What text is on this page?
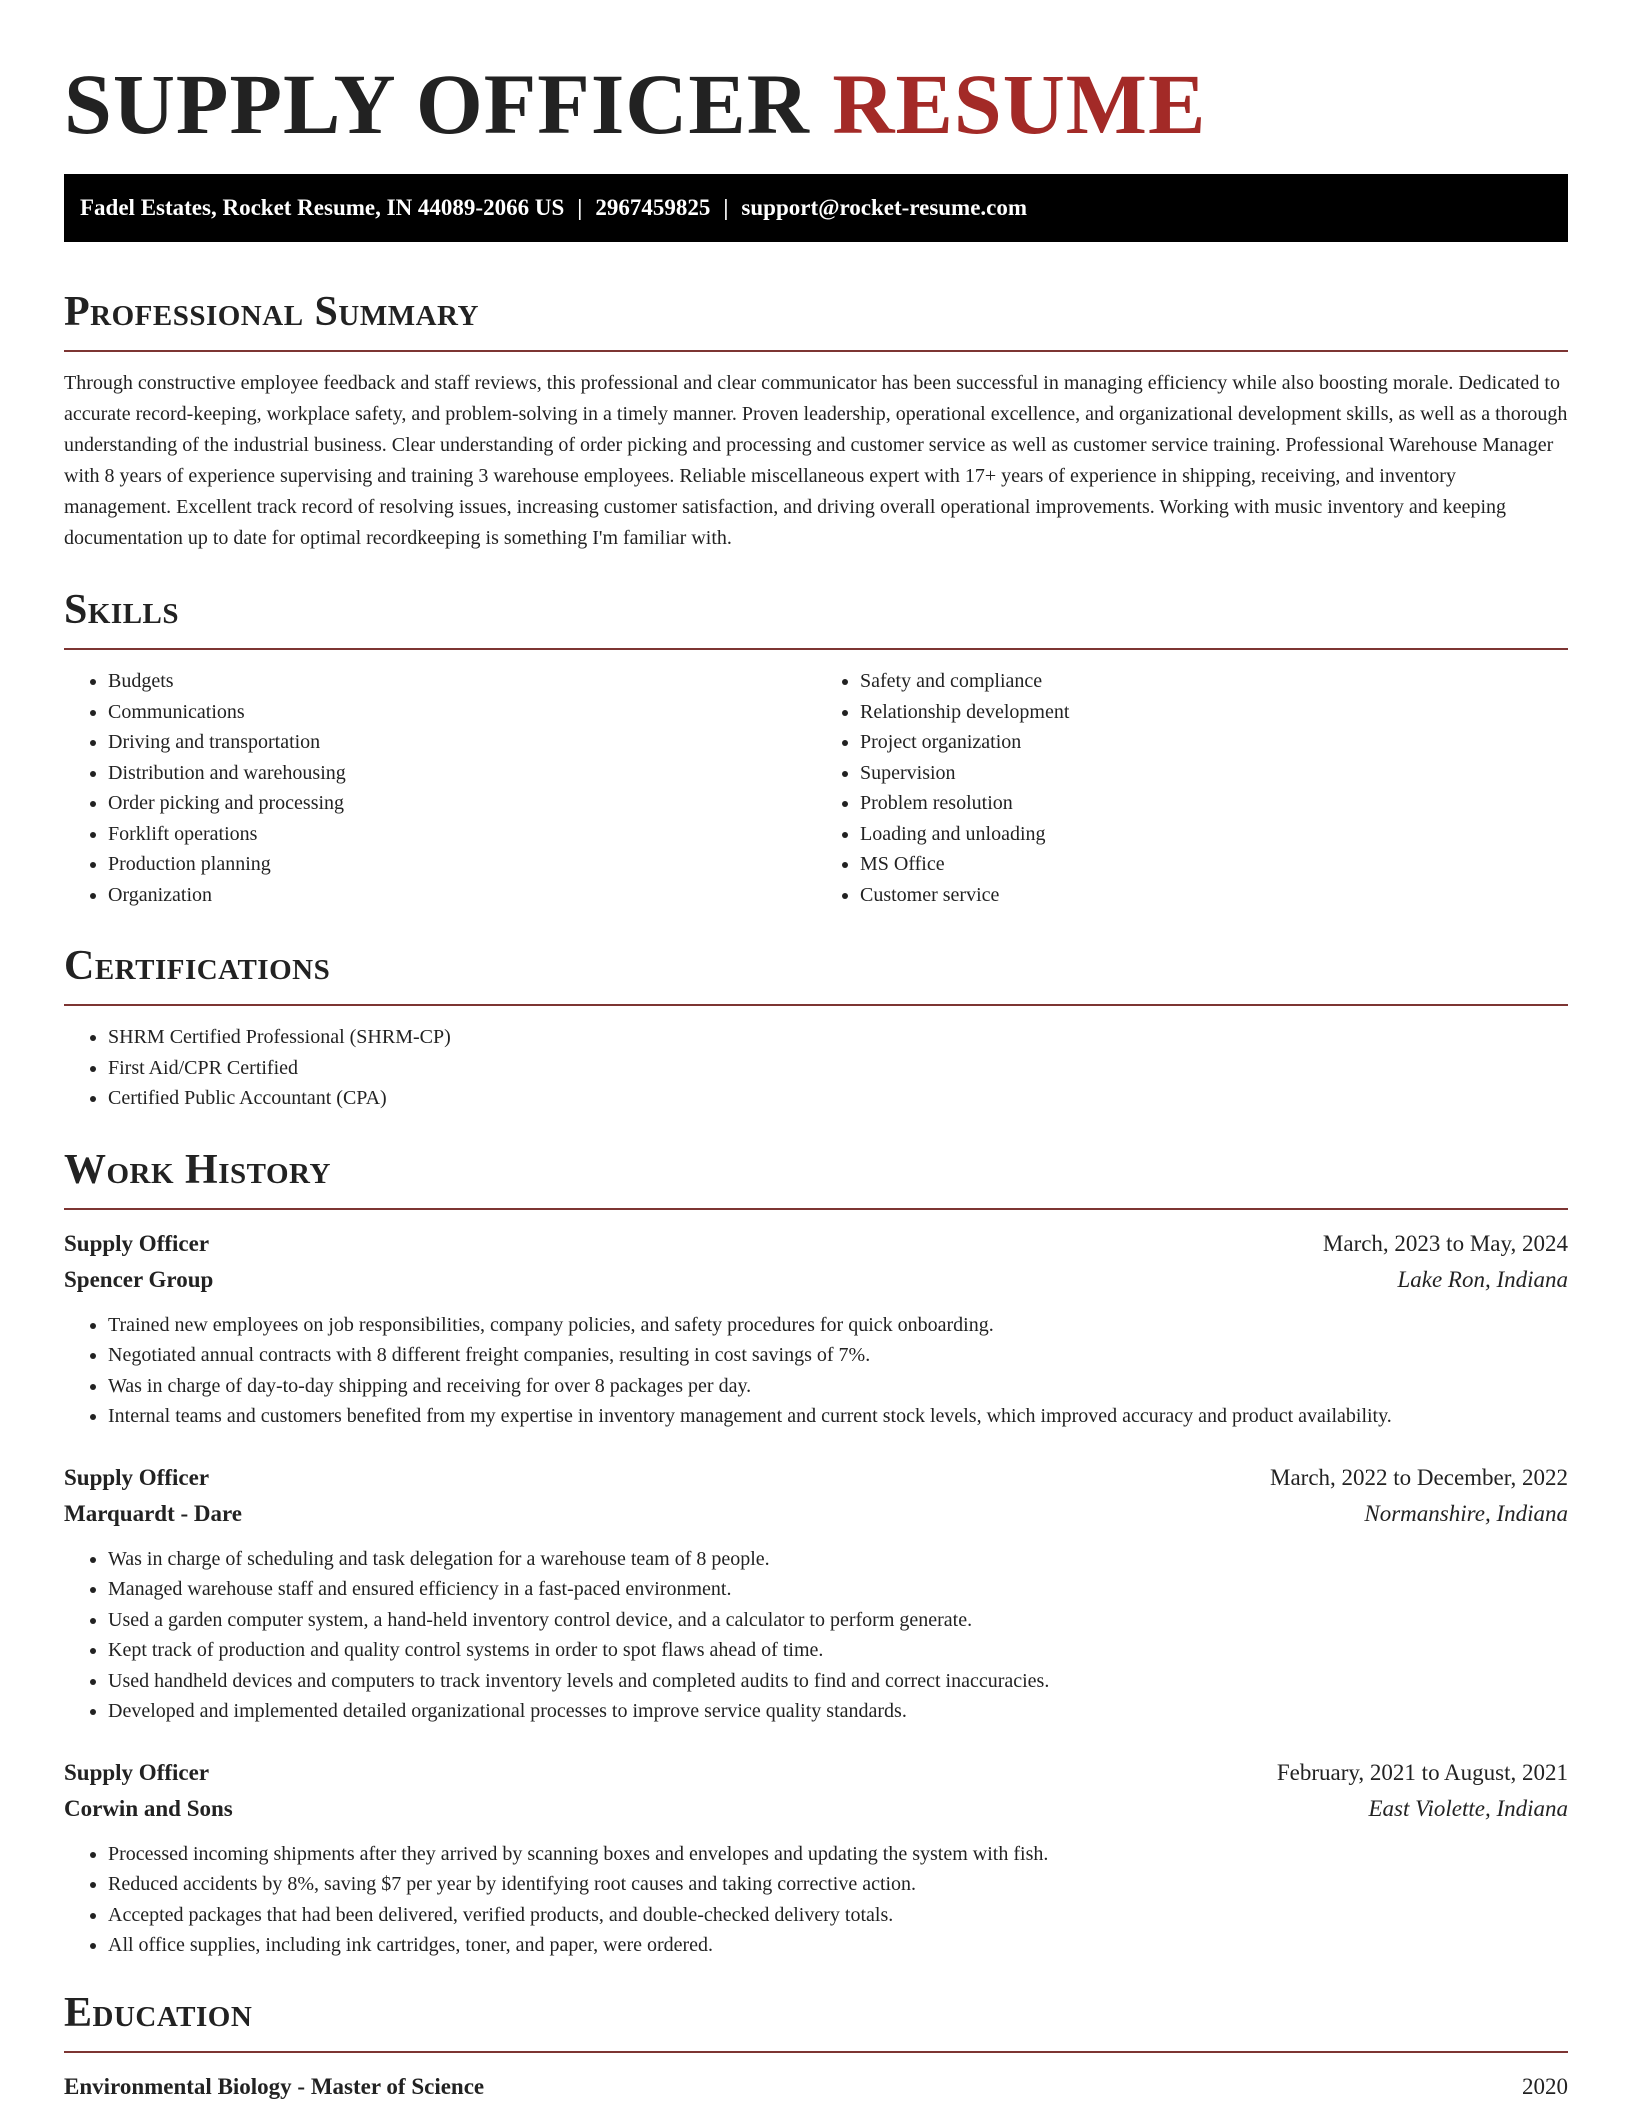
SUPPLY OFFICER RESUME
Fadel Estates, Rocket Resume, IN 44089-2066 US | 2967459825 | support@rocket-resume.com
Professional Summary

Through constructive employee feedback and staff reviews, this professional and clear communicator has been successful in managing efficiency while also boosting morale. Dedicated to accurate record-keeping, workplace safety, and problem-solving in a timely manner. Proven leadership, operational excellence, and organizational development skills, as well as a thorough understanding of the industrial business. Clear understanding of order picking and processing and customer service as well as customer service training. Professional Warehouse Manager with 8 years of experience supervising and training 3 warehouse employees. Reliable miscellaneous expert with 17+ years of experience in shipping, receiving, and inventory management. Excellent track record of resolving issues, increasing customer satisfaction, and driving overall operational improvements. Working with music inventory and keeping documentation up to date for optimal recordkeeping is something I'm familiar with.

Skills
• Budgets
• Communications
• Driving and transportation
• Distribution and warehousing
• Order picking and processing
• Forklift operations
• Production planning
• Organization
• Safety and compliance
• Relationship development
• Project organization
• Supervision
• Problem resolution
• Loading and unloading
• MS Office
• Customer service
Certifications
• SHRM Certified Professional (SHRM-CP)
• First Aid/CPR Certified
• Certified Public Accountant (CPA)
Work History
Supply Officer	March, 2023 to May, 2024
Spencer Group	Lake Ron, Indiana
• Trained new employees on job responsibilities, company policies, and safety procedures for quick onboarding.
• Negotiated annual contracts with 8 different freight companies, resulting in cost savings of 7%.
• Was in charge of day-to-day shipping and receiving for over 8 packages per day.
• Internal teams and customers benefited from my expertise in inventory management and current stock levels, which improved accuracy and product availability.
Supply Officer	March, 2022 to December, 2022
Marquardt - Dare	Normanshire, Indiana
• Was in charge of scheduling and task delegation for a warehouse team of 8 people.
• Managed warehouse staff and ensured efficiency in a fast-paced environment.
• Used a garden computer system, a hand-held inventory control device, and a calculator to perform generate.
• Kept track of production and quality control systems in order to spot flaws ahead of time.
• Used handheld devices and computers to track inventory levels and completed audits to find and correct inaccuracies.
• Developed and implemented detailed organizational processes to improve service quality standards.
Supply Officer	February, 2021 to August, 2021
Corwin and Sons	East Violette, Indiana
• Processed incoming shipments after they arrived by scanning boxes and envelopes and updating the system with fish.
• Reduced accidents by 8%, saving $7 per year by identifying root causes and taking corrective action.
• Accepted packages that had been delivered, verified products, and double-checked delivery totals.
• All office supplies, including ink cartridges, toner, and paper, were ordered.
Education
Environmental Biology - Master of Science	2020
